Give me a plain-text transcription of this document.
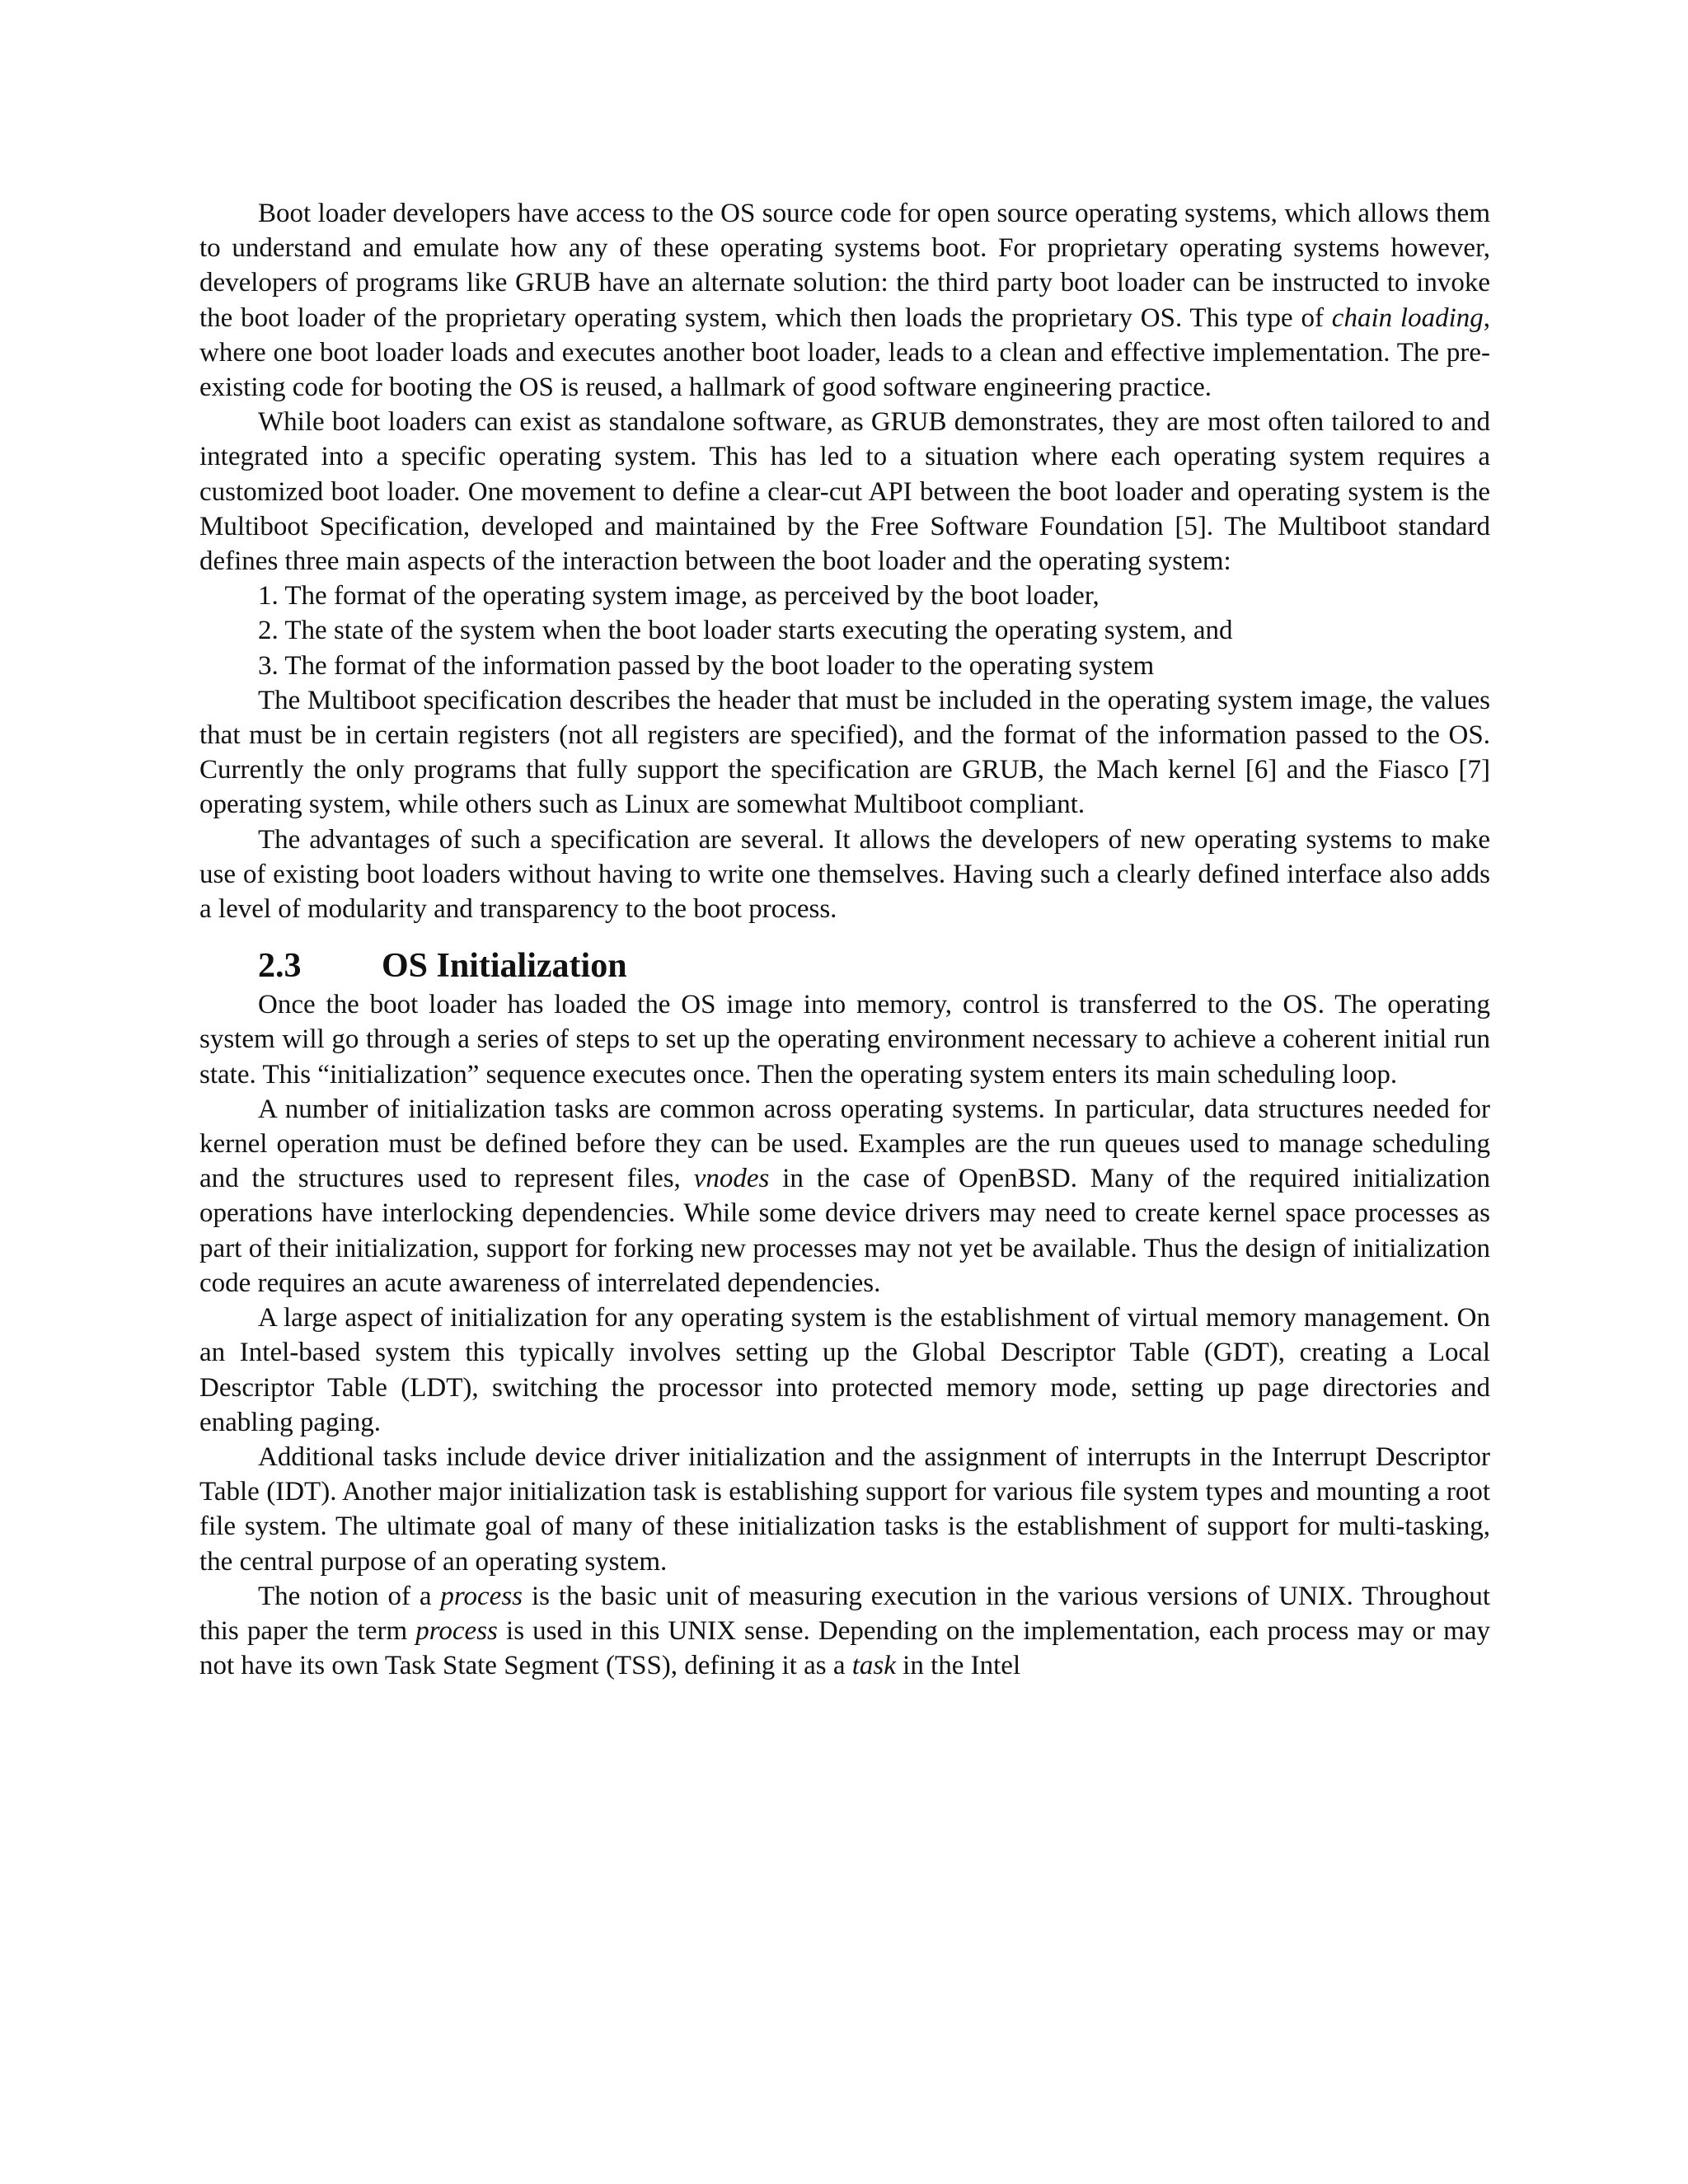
Boot loader developers have access to the OS source code for open source operating systems, which allows them to understand and emulate how any of these operating systems boot. For proprietary operating systems however, developers of programs like GRUB have an alternate solution: the third party boot loader can be instructed to invoke the boot loader of the proprietary operating system, which then loads the proprietary OS. This type of chain loading, where one boot loader loads and executes another boot loader, leads to a clean and effective implementation. The pre-existing code for booting the OS is reused, a hallmark of good software engineering practice.

While boot loaders can exist as standalone software, as GRUB demonstrates, they are most often tailored to and integrated into a specific operating system. This has led to a situation where each operating system requires a customized boot loader. One movement to define a clear-cut API between the boot loader and operating system is the Multiboot Specification, developed and maintained by the Free Software Foundation [5]. The Multiboot standard defines three main aspects of the interaction between the boot loader and the operating system:

1. The format of the operating system image, as perceived by the boot loader,

2. The state of the system when the boot loader starts executing the operating system, and

3. The format of the information passed by the boot loader to the operating system

The Multiboot specification describes the header that must be included in the operating system image, the values that must be in certain registers (not all registers are specified), and the format of the information passed to the OS. Currently the only programs that fully support the specification are GRUB, the Mach kernel [6] and the Fiasco [7] operating system, while others such as Linux are somewhat Multiboot compliant.

The advantages of such a specification are several. It allows the developers of new operating systems to make use of existing boot loaders without having to write one themselves. Having such a clearly defined interface also adds a level of modularity and transparency to the boot process.

2.3	OS Initialization

Once the boot loader has loaded the OS image into memory, control is transferred to the OS. The operating system will go through a series of steps to set up the operating environment necessary to achieve a coherent initial run state. This “initialization” sequence executes once. Then the operating system enters its main scheduling loop.

A number of initialization tasks are common across operating systems. In particular, data structures needed for kernel operation must be defined before they can be used. Examples are the run queues used to manage scheduling and the structures used to represent files, vnodes in the case of OpenBSD. Many of the required initialization operations have interlocking dependencies. While some device drivers may need to create kernel space processes as part of their initialization, support for forking new processes may not yet be available. Thus the design of initialization code requires an acute awareness of interrelated dependencies.

A large aspect of initialization for any operating system is the establishment of virtual memory management. On an Intel-based system this typically involves setting up the Global Descriptor Table (GDT), creating a Local Descriptor Table (LDT), switching the processor into protected memory mode, setting up page directories and enabling paging.

Additional tasks include device driver initialization and the assignment of interrupts in the Interrupt Descriptor Table (IDT). Another major initialization task is establishing support for various file system types and mounting a root file system. The ultimate goal of many of these initialization tasks is the establishment of support for multi-tasking, the central purpose of an operating system.

The notion of a process is the basic unit of measuring execution in the various versions of UNIX. Throughout this paper the term process is used in this UNIX sense. Depending on the implementation, each process may or may not have its own Task State Segment (TSS), defining it as a task in the Intel
